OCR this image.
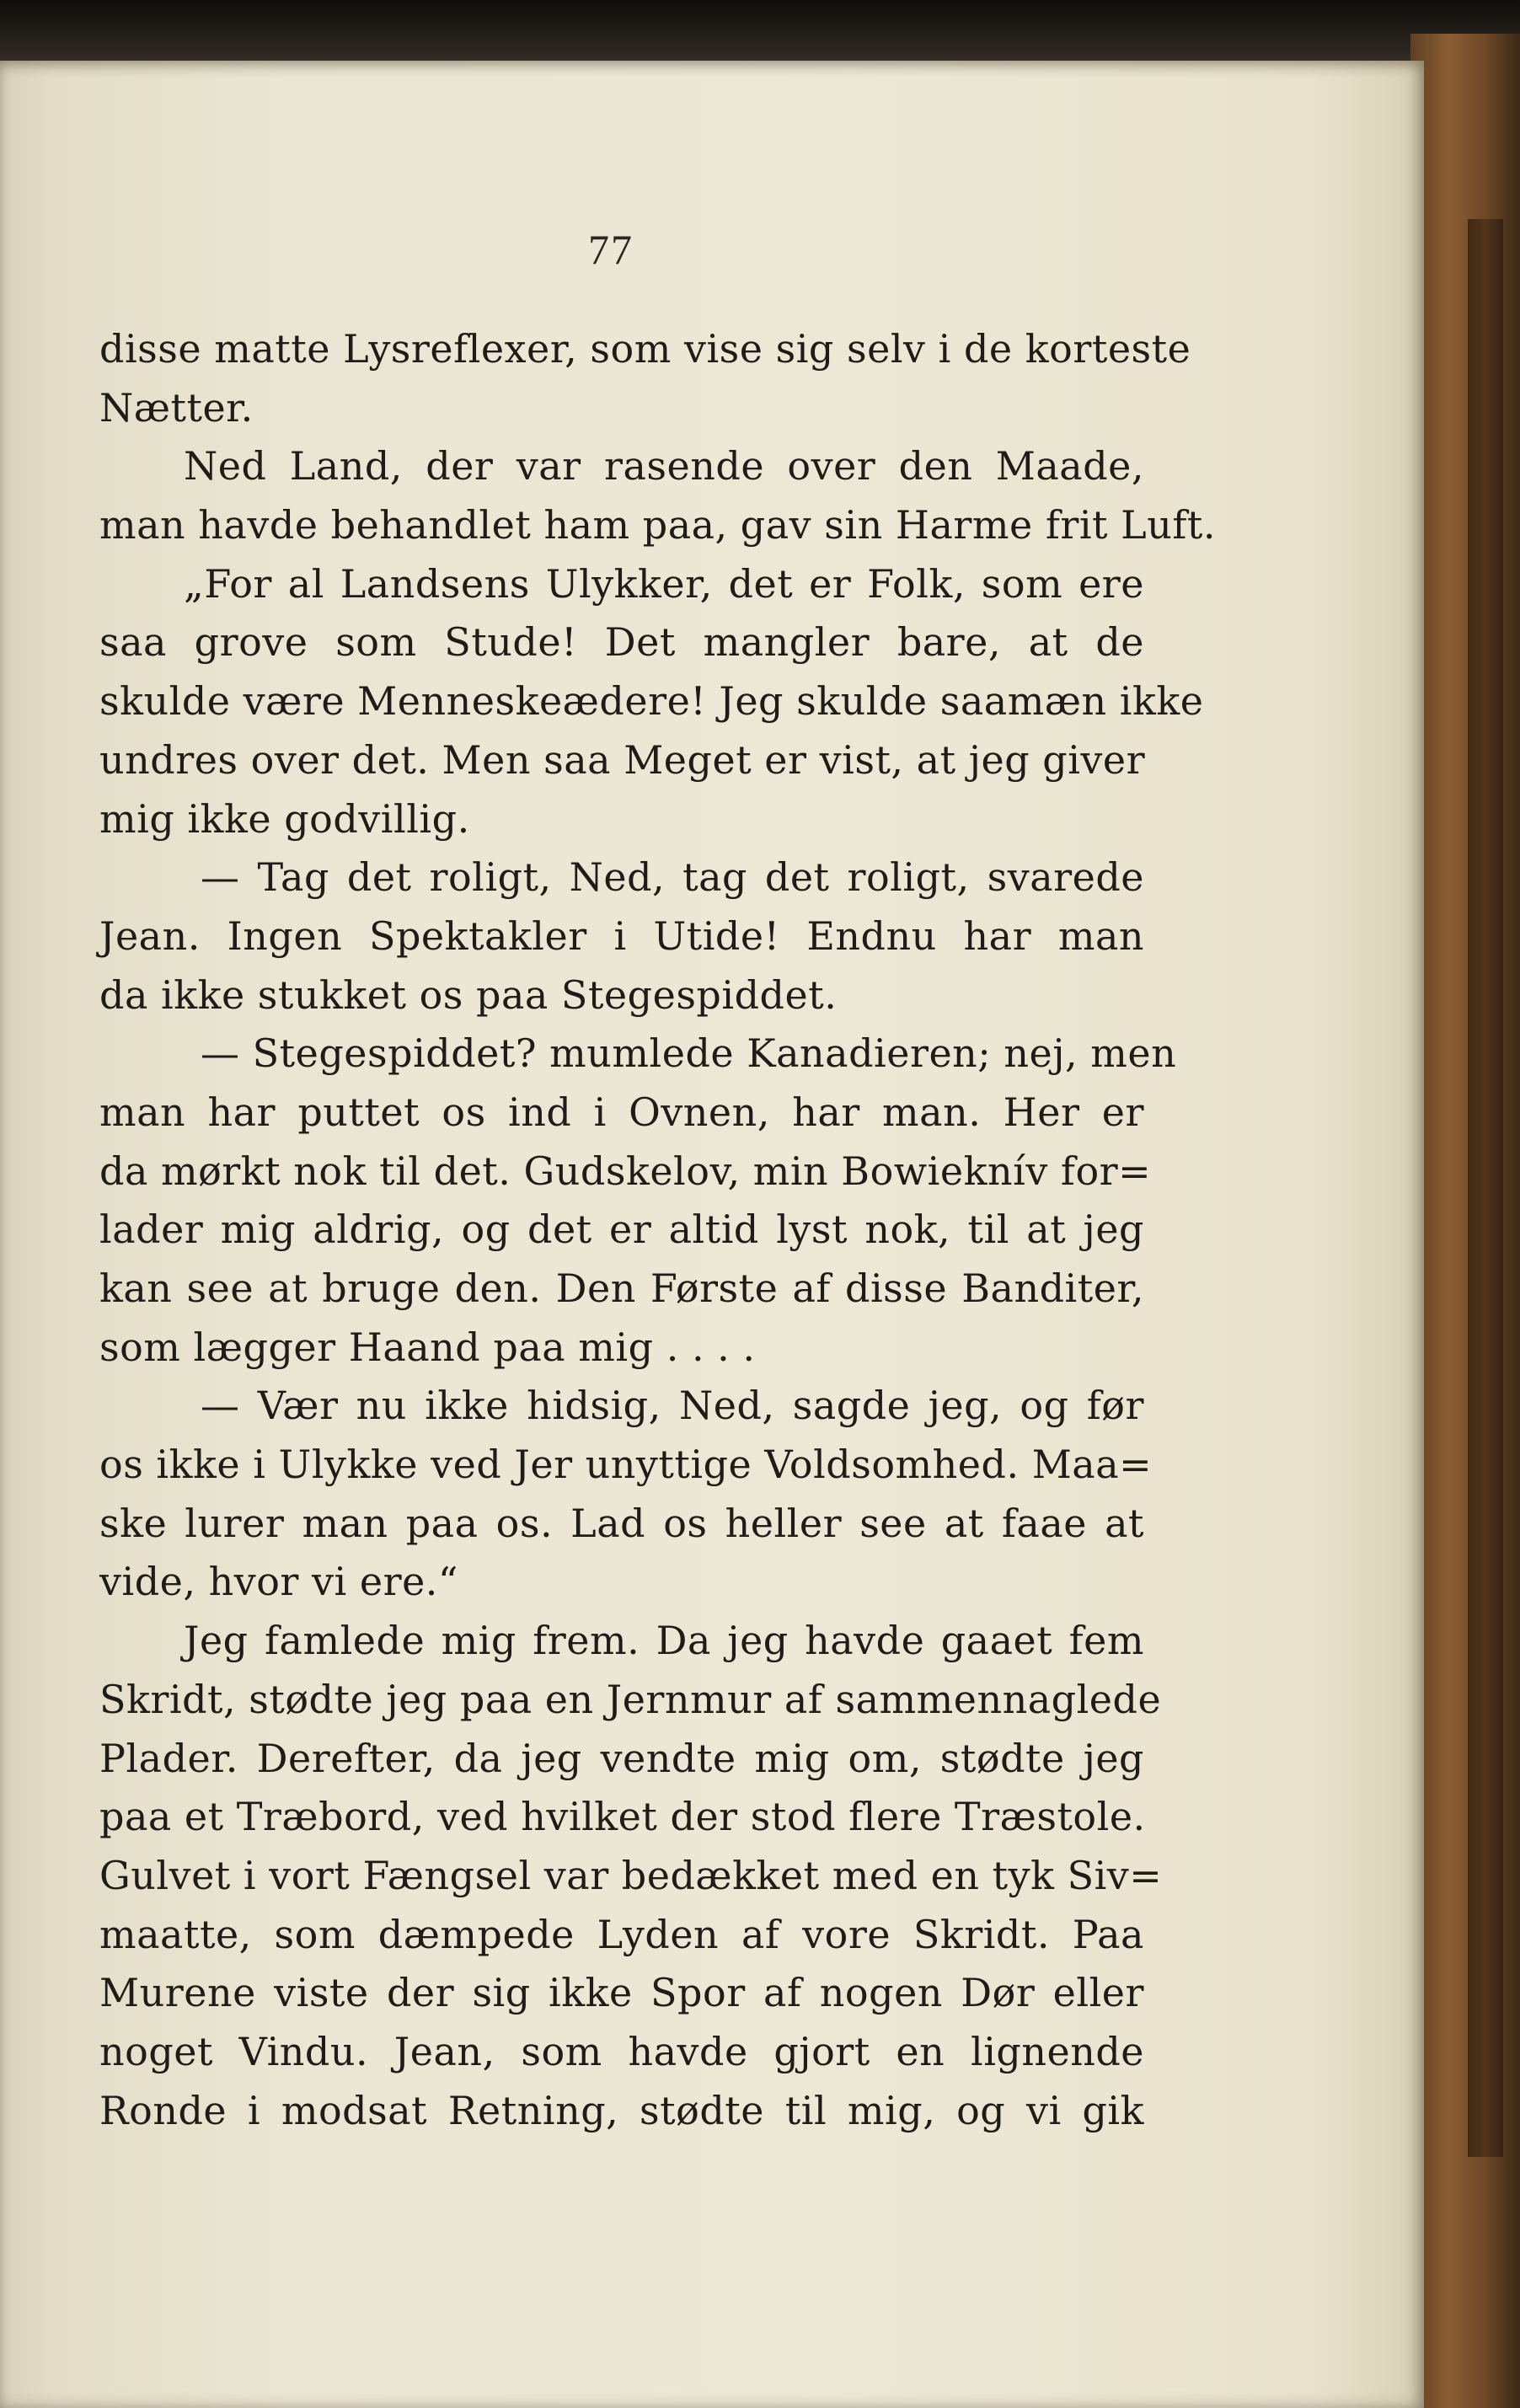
77
disse matte Lysreflexer, som vise sig selv i de korteste
Nætter.
Ned Land, der var rasende over den Maade,
man havde behandlet ham paa, gav sin Harme frit Luft.
„For al Landsens Ulykker, det er Folk, som ere
saa grove som Stude! Det mangler bare, at de
skulde være Menneskeædere! Jeg skulde saamæn ikke
undres over det. Men saa Meget er vist, at jeg giver
mig ikke godvillig.
— Tag det roligt, Ned, tag det roligt, svarede
Jean. Ingen Spektakler i Utide! Endnu har man
da ikke stukket os paa Stegespiddet.
— Stegespiddet? mumlede Kanadieren; nej, men
man har puttet os ind i Ovnen, har man. Her er
da mørkt nok til det. Gudskelov, min Bowieknív for=
lader mig aldrig, og det er altid lyst nok, til at jeg
kan see at bruge den. Den Første af disse Banditer,
som lægger Haand paa mig . . . .
— Vær nu ikke hidsig, Ned, sagde jeg, og før
os ikke i Ulykke ved Jer unyttige Voldsomhed. Maa=
ske lurer man paa os. Lad os heller see at faae at
vide, hvor vi ere.“
Jeg famlede mig frem. Da jeg havde gaaet fem
Skridt, stødte jeg paa en Jernmur af sammennaglede
Plader. Derefter, da jeg vendte mig om, stødte jeg
paa et Træbord, ved hvilket der stod flere Træstole.
Gulvet i vort Fængsel var bedækket med en tyk Siv=
maatte, som dæmpede Lyden af vore Skridt. Paa
Murene viste der sig ikke Spor af nogen Dør eller
noget Vindu. Jean, som havde gjort en lignende
Ronde i modsat Retning, stødte til mig, og vi gik
